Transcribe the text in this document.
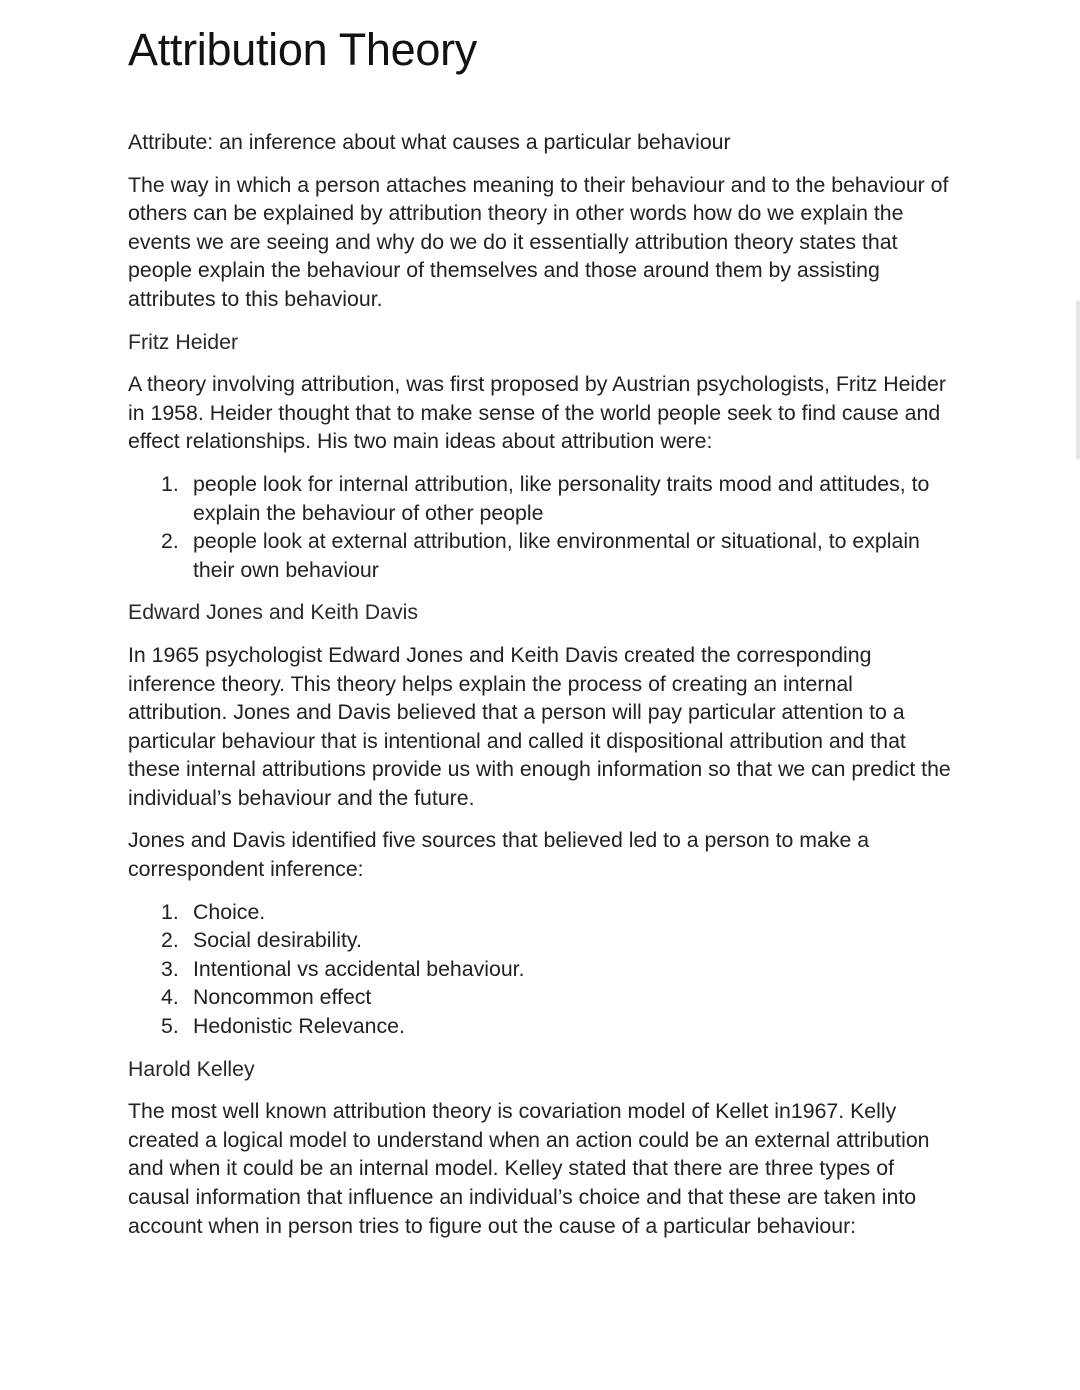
Attribution Theory

Attribute: an inference about what causes a particular behaviour

The way in which a person attaches meaning to their behaviour and to the behaviour of others can be explained by attribution theory in other words how do we explain the events we are seeing and why do we do it essentially attribution theory states that people explain the behaviour of themselves and those around them by assisting attributes to this behaviour.

Fritz Heider

A theory involving attribution, was first proposed by Austrian psychologists, Fritz Heider in 1958. Heider thought that to make sense of the world people seek to find cause and effect relationships. His two main ideas about attribution were:

1. people look for internal attribution, like personality traits mood and attitudes, to explain the behaviour of other people
2. people look at external attribution, like environmental or situational, to explain their own behaviour

Edward Jones and Keith Davis

In 1965 psychologist Edward Jones and Keith Davis created the corresponding inference theory. This theory helps explain the process of creating an internal attribution. Jones and Davis believed that a person will pay particular attention to a particular behaviour that is intentional and called it dispositional attribution and that these internal attributions provide us with enough information so that we can predict the individual’s behaviour and the future.

Jones and Davis identified five sources that believed led to a person to make a correspondent inference:

1. Choice.
2. Social desirability.
3. Intentional vs accidental behaviour.
4. Noncommon effect
5. Hedonistic Relevance.

Harold Kelley

The most well known attribution theory is covariation model of Kellet in1967. Kelly created a logical model to understand when an action could be an external attribution and when it could be an internal model. Kelley stated that there are three types of causal information that influence an individual’s choice and that these are taken into account when in person tries to figure out the cause of a particular behaviour:
